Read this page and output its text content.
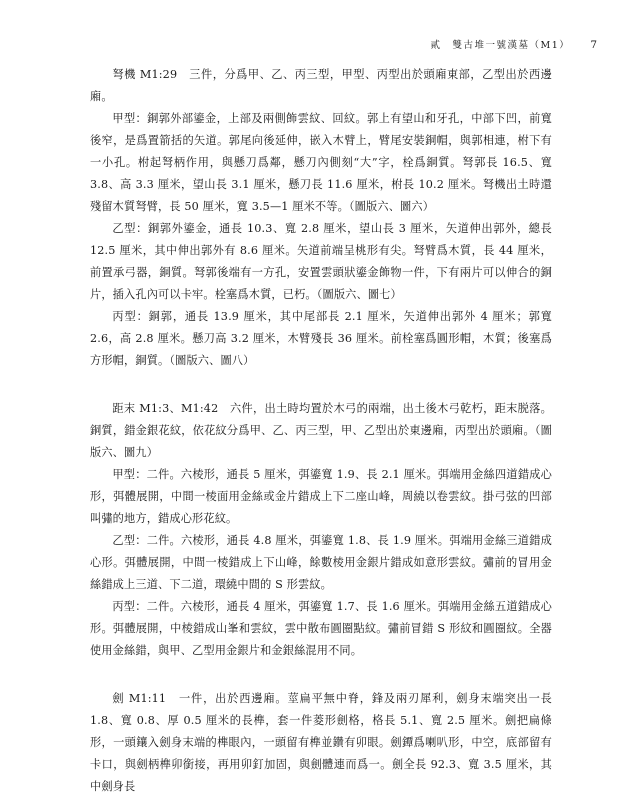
貳　雙古堆一號漢墓（M1） 7

弩機 M1:29　三件，分爲甲、乙、丙三型，甲型、丙型出於頭廂東部，乙型出於西邊廂。

甲型：銅郭外部鎏金，上部及兩側飾雲紋、回紋。郭上有望山和牙孔，中部下凹，前寬後窄，是爲置箭括的矢道。郭尾向後延伸，嵌入木臂上，臂尾安裝銅帽，與郭相連，柎下有一小孔。柎起弩柄作用，與懸刀爲鄰，懸刀內側刻“大”字，栓爲銅質。弩郭長 16.5、寬 3.8、高 3.3 厘米，望山長 3.1 厘米，懸刀長 11.6 厘米，柎長 10.2 厘米。弩機出土時還殘留木質弩臂，長 50 厘米，寬 3.5—1 厘米不等。（圖版六、圖六）

乙型：銅郭外鎏金，通長 10.3、寬 2.8 厘米，望山長 3 厘米，矢道伸出郭外，總長 12.5 厘米，其中伸出郭外有 8.6 厘米。矢道前端呈桃形有尖。弩臂爲木質，長 44 厘米，前置承弓器，銅質。弩郭後端有一方孔，安置雲頭狀鎏金飾物一件，下有兩片可以伸合的銅片，插入孔內可以卡牢。栓塞爲木質，已朽。（圖版六、圖七）

丙型：銅郭，通長 13.9 厘米，其中尾部長 2.1 厘米，矢道伸出郭外 4 厘米；郭寬 2.6，高 2.8 厘米。懸刀高 3.2 厘米，木臂殘長 36 厘米。前栓塞爲圓形帽，木質；後塞爲方形帽，銅質。（圖版六、圖八）

距末 M1:3、M1:42　六件，出土時均置於木弓的兩端，出土後木弓乾朽，距末脱落。銅質，錯金銀花紋，依花紋分爲甲、乙、丙三型，甲、乙型出於東邊廂，丙型出於頭廂。（圖版六、圖九）

甲型：二件。六棱形，通長 5 厘米，弭鎏寬 1.9、長 2.1 厘米。弭端用金絲四道錯成心形，弭體展開，中間一棱面用金絲或金片錯成上下二座山峰，周繞以卷雲紋。掛弓弦的凹部叫彇的地方，錯成心形花紋。

乙型：二件。六棱形，通長 4.8 厘米，弭鎏寬 1.8、長 1.9 厘米。弭端用金絲三道錯成心形。弭體展開，中間一棱錯成上下山峰，餘數棱用金銀片錯成如意形雲紋。彇前的冒用金絲錯成上三道、下二道，環繞中間的 S 形雲紋。

丙型：二件。六棱形，通長 4 厘米，弭鎏寬 1.7、長 1.6 厘米。弭端用金絲五道錯成心形。弭體展開，中棱錯成山峯和雲紋，雲中散布圓圈點紋。彇前冒錯 S 形紋和圓圈紋。全器使用金絲錯，與甲、乙型用金銀片和金銀絲混用不同。

劍 M1:11　一件，出於西邊廂。莖扁平無中脊，鋒及兩刃犀利，劍身末端突出一長 1.8、寬 0.8、厚 0.5 厘米的長榫，套一件菱形劍格，格長 5.1、寬 2.5 厘米。劍把扁條形，一頭鑲入劍身末端的榫眼內，一頭留有榫並鑽有卯眼。劍鐔爲喇叭形，中空，底部留有卡口，與劍柄榫卯銜接，再用卯釘加固，與劍體連而爲一。劍全長 92.3、寬 3.5 厘米，其中劍身長
